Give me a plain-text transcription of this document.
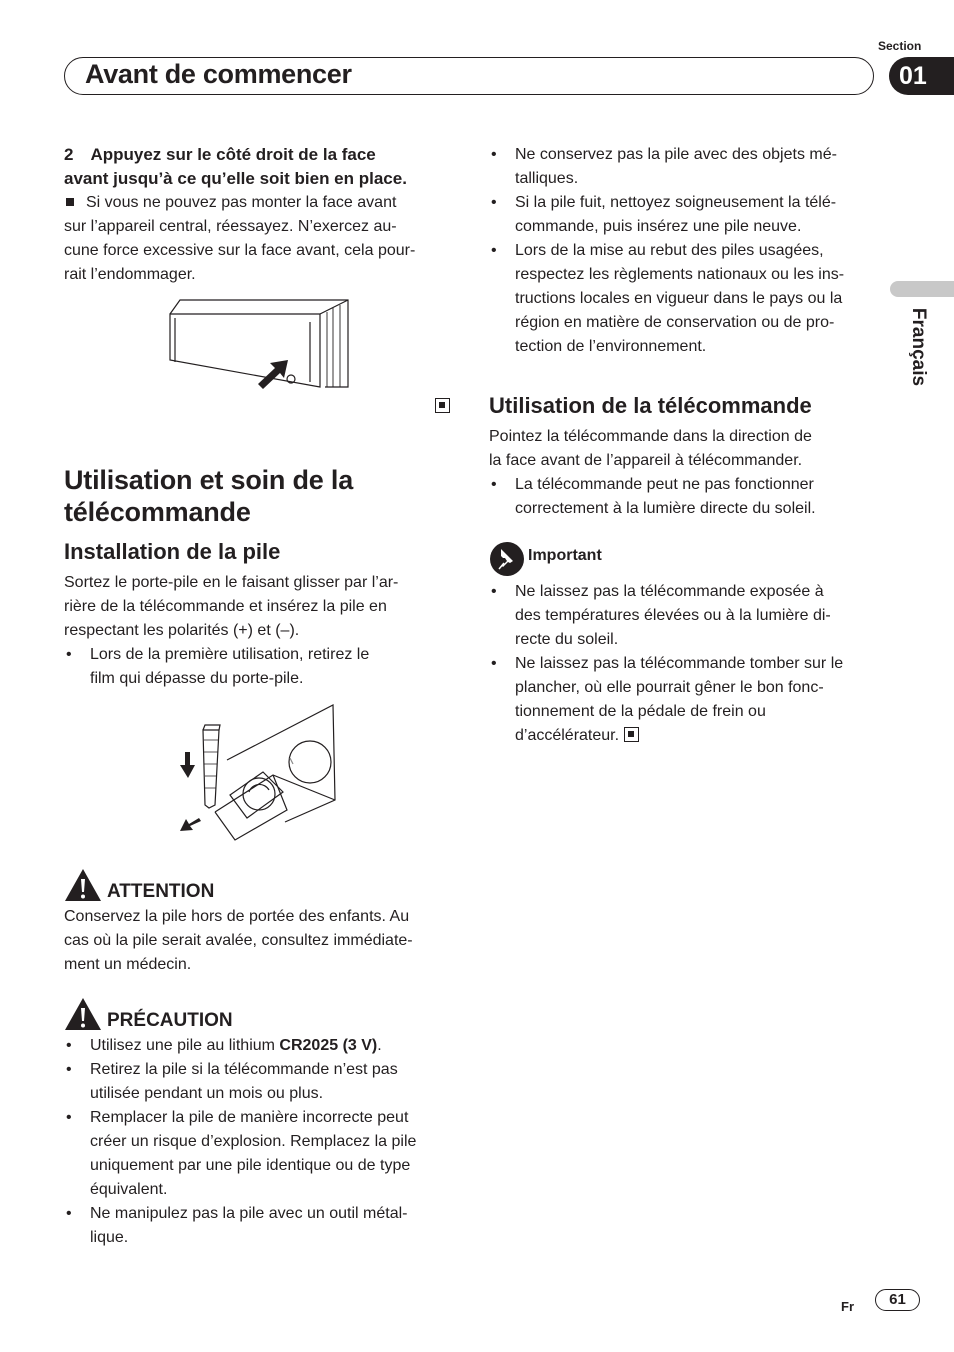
Section
Avant de commencer	01
Français
2 Appuyez sur le côté droit de la face
avant jusqu’à ce qu’elle soit bien en place.
Si vous ne pouvez pas monter la face avant
sur l’appareil central, réessayez. N’exercez au-
cune force excessive sur la face avant, cela pour-
rait l’endommager.
Utilisation et soin de la
télécommande
Installation de la pile
Sortez le porte-pile en le faisant glisser par l’ar-
rière de la télécommande et insérez la pile en
respectant les polarités (+) et (–).
• Lors de la première utilisation, retirez le
film qui dépasse du porte-pile.
ATTENTION
Conservez la pile hors de portée des enfants. Au
cas où la pile serait avalée, consultez immédiate-
ment un médecin.
PRÉCAUTION
• Utilisez une pile au lithium CR2025 (3 V).
• Retirez la pile si la télécommande n’est pas
utilisée pendant un mois ou plus.
• Remplacer la pile de manière incorrecte peut
créer un risque d’explosion. Remplacez la pile
uniquement par une pile identique ou de type
équivalent.
• Ne manipulez pas la pile avec un outil métal-
lique.
• Ne conservez pas la pile avec des objets mé-
talliques.
• Si la pile fuit, nettoyez soigneusement la télé-
commande, puis insérez une pile neuve.
• Lors de la mise au rebut des piles usagées,
respectez les règlements nationaux ou les ins-
tructions locales en vigueur dans le pays ou la
région en matière de conservation ou de pro-
tection de l’environnement.
Utilisation de la télécommande
Pointez la télécommande dans la direction de
la face avant de l’appareil à télécommander.
• La télécommande peut ne pas fonctionner
correctement à la lumière directe du soleil.
Important
• Ne laissez pas la télécommande exposée à
des températures élevées ou à la lumière di-
recte du soleil.
• Ne laissez pas la télécommande tomber sur le
plancher, où elle pourrait gêner le bon fonc-
tionnement de la pédale de frein ou
d’accélérateur.
Fr	61
